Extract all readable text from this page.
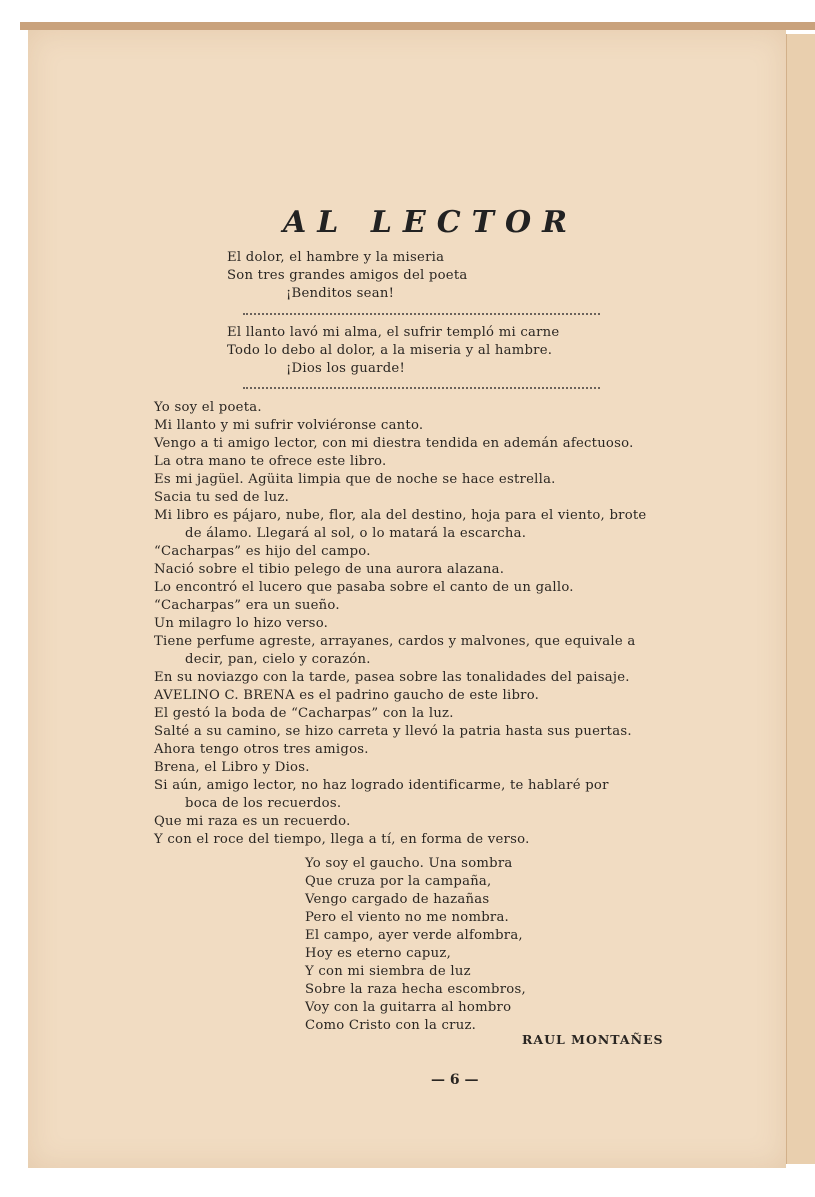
AL LECTOR
El dolor, el hambre y la miseria
Son tres grandes amigos del poeta
¡Benditos sean!
El llanto lavó mi alma, el sufrir templó mi carne
Todo lo debo al dolor, a la miseria y al hambre.
¡Dios los guarde!
Yo soy el poeta.
Mi llanto y mi sufrir volviéronse canto.
Vengo a ti amigo lector, con mi diestra tendida en ademán afectuoso.
La otra mano te ofrece este libro.
Es mi jagüel. Agüita limpia que de noche se hace estrella.
Sacia tu sed de luz.
Mi libro es pájaro, nube, flor, ala del destino, hoja para el viento, brote
de álamo. Llegará al sol, o lo matará la escarcha.
“Cacharpas” es hijo del campo.
Nació sobre el tibio pelego de una aurora alazana.
Lo encontró el lucero que pasaba sobre el canto de un gallo.
“Cacharpas” era un sueño.
Un milagro lo hizo verso.
Tiene perfume agreste, arrayanes, cardos y malvones, que equivale a
decir, pan, cielo y corazón.
En su noviazgo con la tarde, pasea sobre las tonalidades del paisaje.
AVELINO C. BRENA es el padrino gaucho de este libro.
El gestó la boda de “Cacharpas” con la luz.
Salté a su camino, se hizo carreta y llevó la patria hasta sus puertas.
Ahora tengo otros tres amigos.
Brena, el Libro y Dios.
Si aún, amigo lector, no haz logrado identificarme, te hablaré por
boca de los recuerdos.
Que mi raza es un recuerdo.
Y con el roce del tiempo, llega a tí, en forma de verso.
Yo soy el gaucho. Una sombra
Que cruza por la campaña,
Vengo cargado de hazañas
Pero el viento no me nombra.
El campo, ayer verde alfombra,
Hoy es eterno capuz,
Y con mi siembra de luz
Sobre la raza hecha escombros,
Voy con la guitarra al hombro
Como Cristo con la cruz.
RAUL MONTAÑES
— 6 —
